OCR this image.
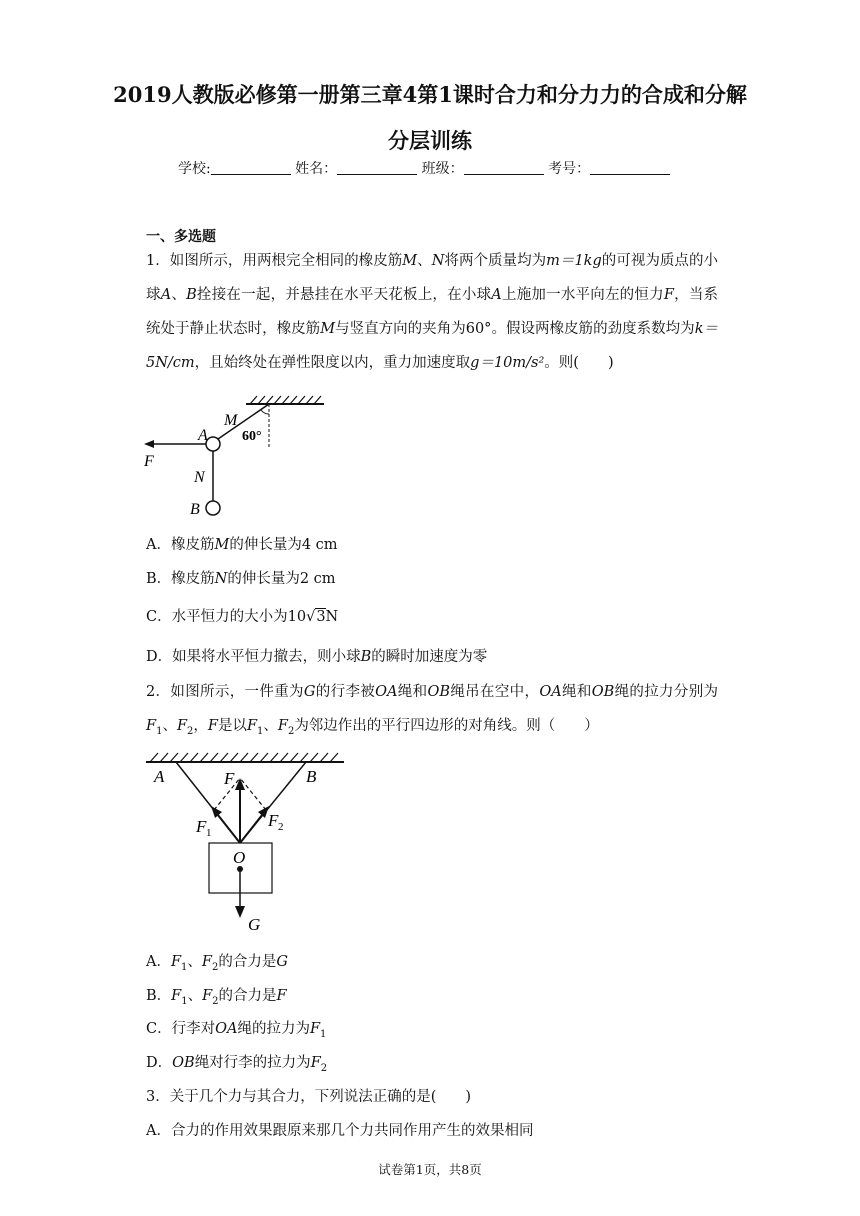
2019人教版必修第一册第三章4第1课时合力和分力力的合成和分解分层训练
学校:	姓名：	班级：	考号：
一、多选题
1．如图所示，用两根完全相同的橡皮筋M、N将两个质量均为m＝1kg的可视为质点的小球A、B拴接在一起，并悬挂在水平天花板上，在小球A上施加一水平向左的恒力F，当系统处于静止状态时，橡皮筋M与竖直方向的夹角为60°。假设两橡皮筋的劲度系数均为k＝5N/cm，且始终处在弹性限度以内，重力加速度取g＝10m/s²。则(　　)
M
60°
A
F
N
B
A．橡皮筋M的伸长量为4 cm
B．橡皮筋N的伸长量为2 cm
C．水平恒力的大小为10√3N
D．如果将水平恒力撤去，则小球B的瞬时加速度为零
2．如图所示，一件重为G的行李被OA绳和OB绳吊在空中，OA绳和OB绳的拉力分别为$F_1$、$F_2$，F是以$F_1$、$F_2$为邻边作出的平行四边形的对角线。则（　　）
A	B
F
F 1
F 2
O
G
A．$F_1$、$F_2$的合力是G
B．$F_1$、$F_2$的合力是F
C．行李对OA绳的拉力为$F_1$
D．OB绳对行李的拉力为$F_2$
3．关于几个力与其合力，下列说法正确的是(　　)
A．合力的作用效果跟原来那几个力共同作用产生的效果相同
试卷第1页，共8页
